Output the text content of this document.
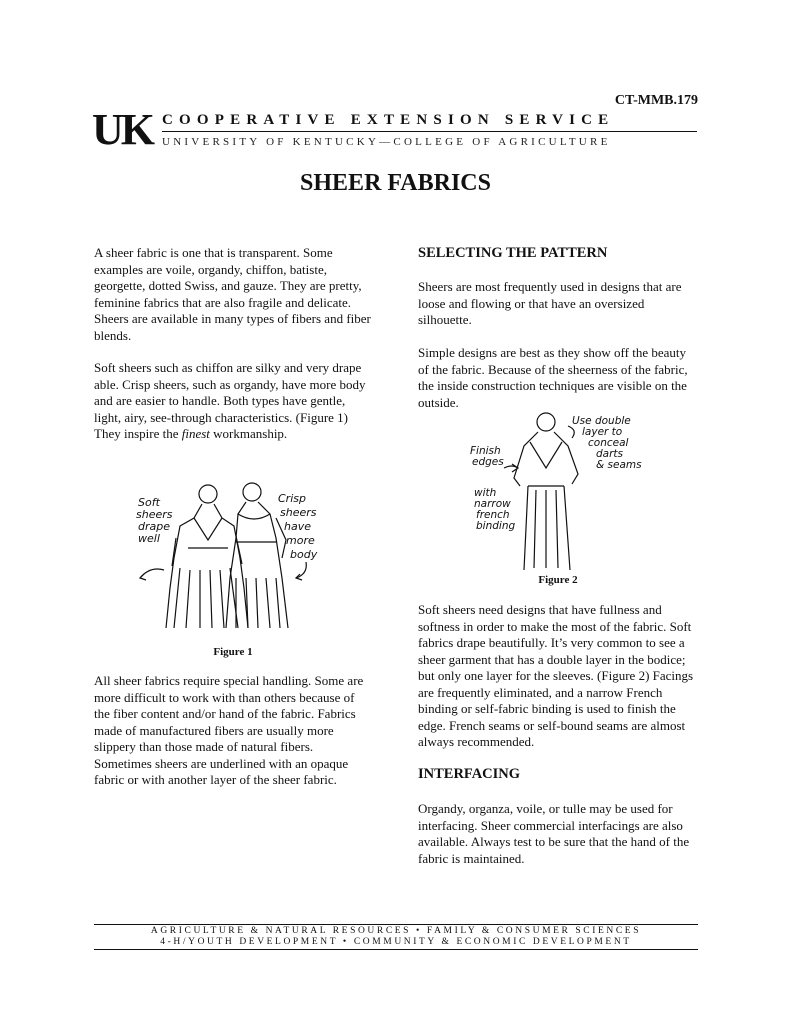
CT-MMB.179
UK COOPERATIVE EXTENSION SERVICE
UNIVERSITY OF KENTUCKY—COLLEGE OF AGRICULTURE
SHEER FABRICS
A sheer fabric is one that is transparent. Some examples are voile, organdy, chiffon, batiste, georgette, dotted Swiss, and gauze. They are pretty, feminine fabrics that are also fragile and delicate. Sheers are available in many types of fibers and fiber blends.
Soft sheers such as chiffon are silky and very drape able. Crisp sheers, such as organdy, have more body and are easier to handle. Both types have gentle, light, airy, see-through characteristics. (Figure 1) They inspire the finest workmanship.
Soft
sheers
drape
well
Crisp
sheers
have
more
body
Figure 1
All sheer fabrics require special handling. Some are more difficult to work with than others because of the fiber content and/or hand of the fabric. Fabrics made of manufactured fibers are usually more slippery than those made of natural fibers. Sometimes sheers are underlined with an opaque fabric or with another layer of the sheer fabric.
SELECTING THE PATTERN
Sheers are most frequently used in designs that are loose and flowing or that have an oversized silhouette.
Simple designs are best as they show off the beauty of the fabric. Because of the sheerness of the fabric, the inside construction techniques are visible on the outside.
Use double
layer to
conceal
darts
& seams
Finish
edges
with
narrow
french
binding
Figure 2
Soft sheers need designs that have fullness and softness in order to make the most of the fabric. Soft fabrics drape beautifully. It’s very common to see a sheer garment that has a double layer in the bodice; but only one layer for the sleeves. (Figure 2) Facings are frequently eliminated, and a narrow French binding or self-fabric binding is used to finish the edge. French seams or self-bound seams are almost always recommended.
INTERFACING
Organdy, organza, voile, or tulle may be used for interfacing. Sheer commercial interfacings are also available. Always test to be sure that the hand of the fabric is maintained.
AGRICULTURE & NATURAL RESOURCES • FAMILY & CONSUMER SCIENCES
4-H/YOUTH DEVELOPMENT • COMMUNITY & ECONOMIC DEVELOPMENT
